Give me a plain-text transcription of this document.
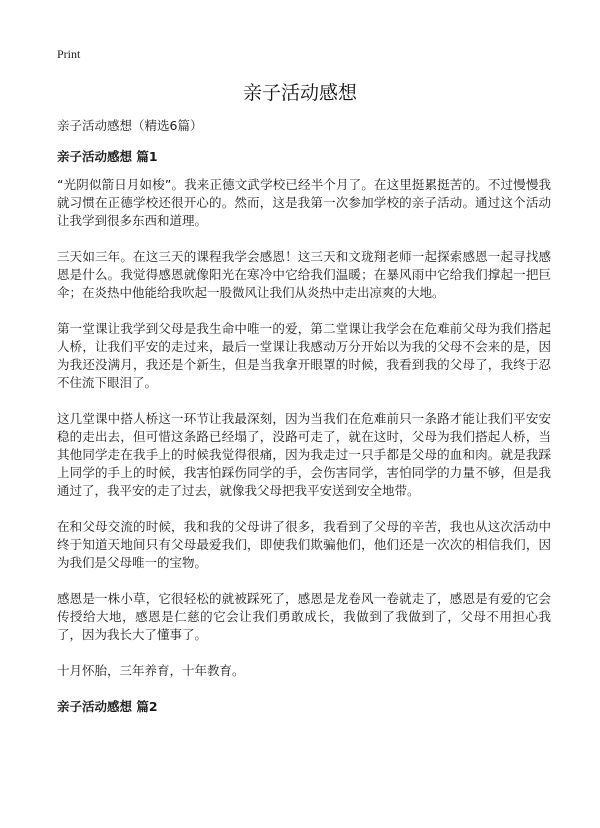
Print
亲子活动感想

亲子活动感想（精选6篇）

亲子活动感想 篇1

“光阴似箭日月如梭”。我来正德文武学校已经半个月了。在这里挺累挺苦的。不过慢慢我就习惯在正德学校还很开心的。然而，这是我第一次参加学校的亲子活动。通过这个活动让我学到很多东西和道理。

三天如三年。在这三天的课程我学会感恩！这三天和文珑翔老师一起探索感恩一起寻找感恩是什么。我觉得感恩就像阳光在寒冷中它给我们温暖；在暴风雨中它给我们撑起一把巨伞；在炎热中他能给我吹起一股微风让我们从炎热中走出凉爽的大地。

第一堂课让我学到父母是我生命中唯一的爱，第二堂课让我学会在危难前父母为我们搭起人桥，让我们平安的走过来，最后一堂课让我感动万分开始以为我的父母不会来的是，因为我还没满月，我还是个新生，但是当我拿开眼罩的时候，我看到我的父母了，我终于忍不住流下眼泪了。

这几堂课中搭人桥这一环节让我最深刻，因为当我们在危难前只一条路才能让我们平安安稳的走出去，但可惜这条路已经塌了，没路可走了，就在这时，父母为我们搭起人桥，当其他同学走在我手上的时候我觉得很痛，因为我走过一只手都是父母的血和肉。就是我踩上同学的手上的时候，我害怕踩伤同学的手，会伤害同学，害怕同学的力量不够，但是我通过了，我平安的走了过去，就像我父母把我平安送到安全地带。

在和父母交流的时候，我和我的父母讲了很多，我看到了父母的辛苦，我也从这次活动中终于知道天地间只有父母最爱我们，即使我们欺骗他们，他们还是一次次的相信我们，因为我们是父母唯一的宝物。

感恩是一株小草，它很轻松的就被踩死了，感恩是龙卷风一卷就走了，感恩是有爱的它会传授给大地，感恩是仁慈的它会让我们勇敢成长，我做到了我做到了，父母不用担心我了，因为我长大了懂事了。

十月怀胎，三年养育，十年教育。

亲子活动感想 篇2
